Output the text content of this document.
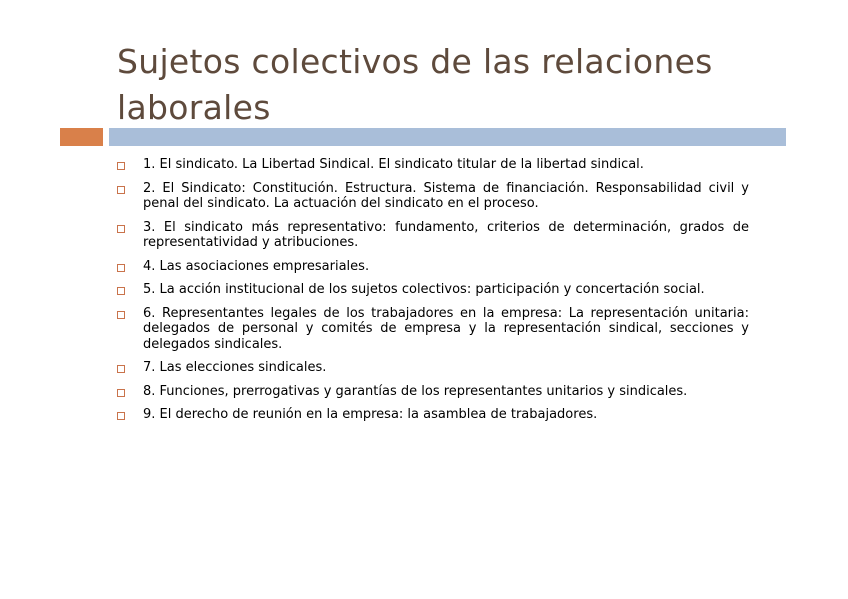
Sujetos colectivos de las relaciones laborales
1. El sindicato. La Libertad Sindical. El sindicato titular de la libertad sindical.
2. El Sindicato: Constitución. Estructura. Sistema de financiación. Responsabilidad civil y penal del sindicato. La actuación del sindicato en el proceso.
3. El sindicato más representativo: fundamento, criterios de determinación, grados de representatividad y atribuciones.
4. Las asociaciones empresariales.
5. La acción institucional de los sujetos colectivos: participación y concertación social.
6. Representantes legales de los trabajadores en la empresa: La representación unitaria: delegados de personal y comités de empresa y la representación sindical, secciones y delegados sindicales.
7. Las elecciones sindicales.
8. Funciones, prerrogativas y garantías de los representantes unitarios y sindicales.
9. El derecho de reunión en la empresa: la asamblea de trabajadores.
